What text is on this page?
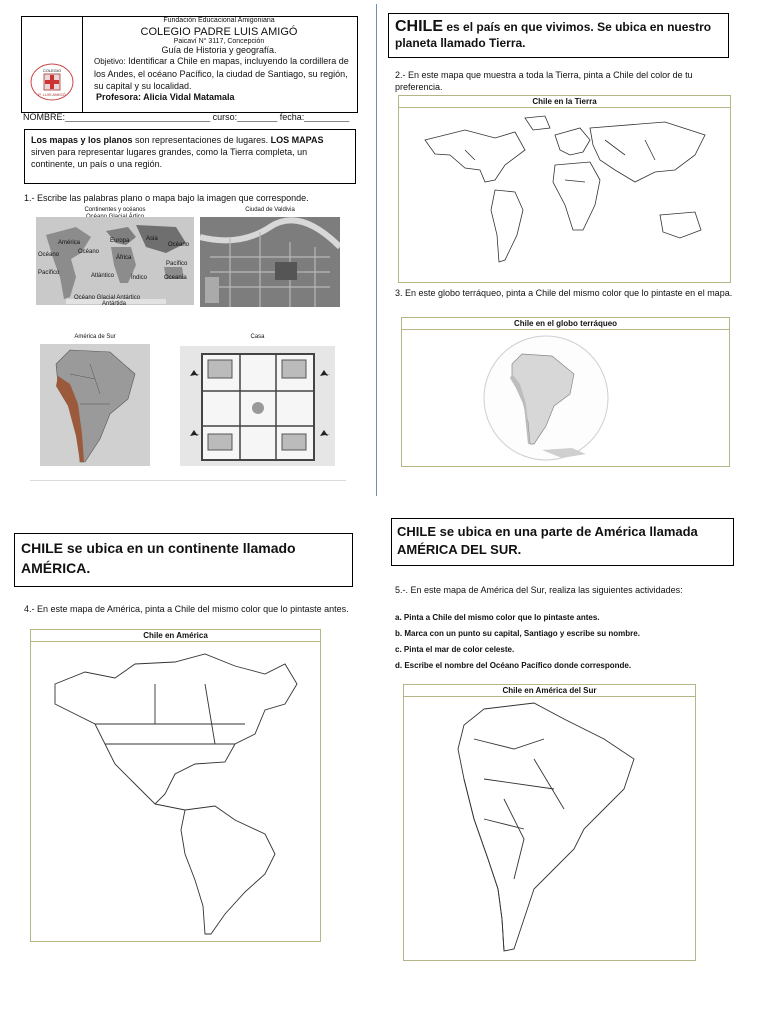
COLEGIO
P. LUIS AMIGÓ
Fundación Educacional Amigoniana
COLEGIO PADRE LUIS AMIGÓ
Paicaví N° 3117, Concepción
Guía de Historia y geografía.
Objetivo: Identificar a Chile en mapas, incluyendo la cordillera de los Andes, el océano Pacífico, la ciudad de Santiago, su región, su capital y su localidad.
Profesora: Alicia Vidal Matamala
NOMBRE:_____________________________ curso:________ fecha:_________
Los mapas y los planos son representaciones de lugares. LOS MAPAS sirven para representar lugares grandes, como la Tierra completa, un continente, un país o una región.
1.- Escribe las palabras plano o mapa bajo la imagen que corresponde.
Continentes y océanos
América	Europa	Asia
Océano
Océano	África
Pacífico
Pacífico
Atlántico	Índico	Oceanía
Océano
Océano Glacial Antártico
Antártida
Ciudad de Valdivia
América de Sur	Casa
CHILE es el país en que vivimos. Se ubica en nuestro planeta llamado Tierra.
2.- En este mapa que muestra a toda la Tierra, pinta a Chile del color de tu preferencia.
Chile en la Tierra
3. En este globo terráqueo, pinta a Chile del mismo color que lo pintaste en el mapa.
Chile en el globo terráqueo
CHILE se ubica en un continente llamado AMÉRICA.
4.- En este mapa de América, pinta a Chile del mismo color que lo pintaste antes.
Chile en América
CHILE se ubica en una parte de América llamada AMÉRICA DEL SUR.
5.-. En este mapa de América del Sur, realiza las siguientes actividades:
a. Pinta a Chile del mismo color que lo pintaste antes.
b. Marca con un punto su capital, Santiago y escribe su nombre.
c. Pinta el mar de color celeste.
d. Escribe el nombre del Océano Pacífico donde corresponde.
Chile en América del Sur
